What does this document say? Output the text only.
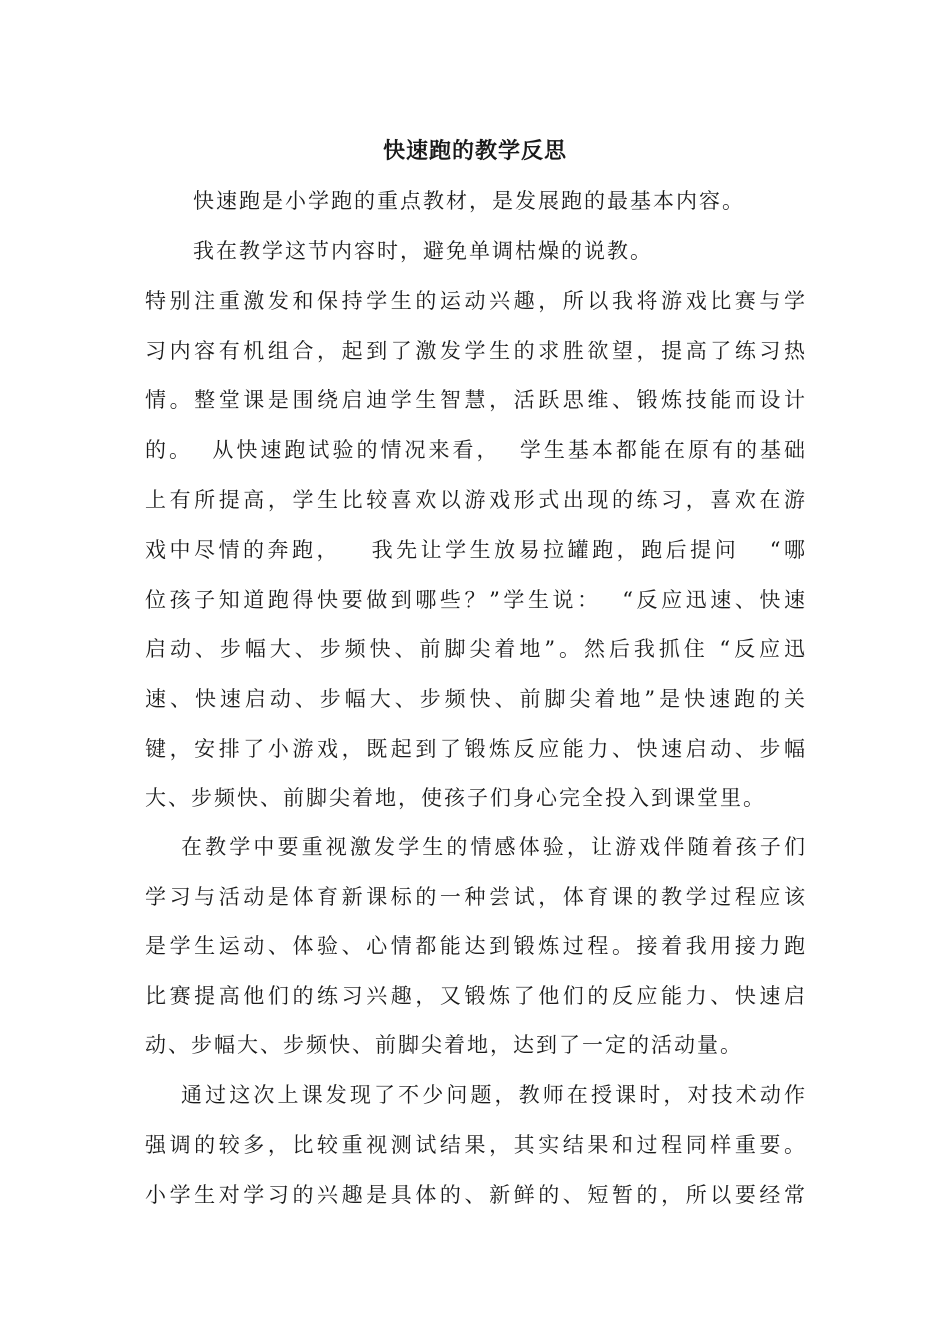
快速跑的教学反思
快速跑是小学跑的重点教材，是发展跑的最基本内容。
我在教学这节内容时，避免单调枯燥的说教。
特别注重激发和保持学生的运动兴趣，所以我将游戏比赛与学
习内容有机组合，起到了激发学生的求胜欲望，提高了练习热
情。整堂课是围绕启迪学生智慧，活跃思维、锻炼技能而设计
的。  从快速跑试验的情况来看，  学生基本都能在原有的基础
上有所提高，学生比较喜欢以游戏形式出现的练习，喜欢在游
戏中尽情的奔跑，   我先让学生放易拉罐跑，跑后提问   “哪
位孩子知道跑得快要做到哪些？”学生说：  “反应迅速、快速
启动、步幅大、步频快、前脚尖着地”。然后我抓住 “反应迅
速、快速启动、步幅大、步频快、前脚尖着地”是快速跑的关
键，安排了小游戏，既起到了锻炼反应能力、快速启动、步幅
大、步频快、前脚尖着地，使孩子们身心完全投入到课堂里。
在教学中要重视激发学生的情感体验，让游戏伴随着孩子们
学习与活动是体育新课标的一种尝试，体育课的教学过程应该
是学生运动、体验、心情都能达到锻炼过程。接着我用接力跑
比赛提高他们的练习兴趣，又锻炼了他们的反应能力、快速启
动、步幅大、步频快、前脚尖着地，达到了一定的活动量。
通过这次上课发现了不少问题，教师在授课时，对技术动作
强调的较多，比较重视测试结果，其实结果和过程同样重要。
小学生对学习的兴趣是具体的、新鲜的、短暂的，所以要经常
